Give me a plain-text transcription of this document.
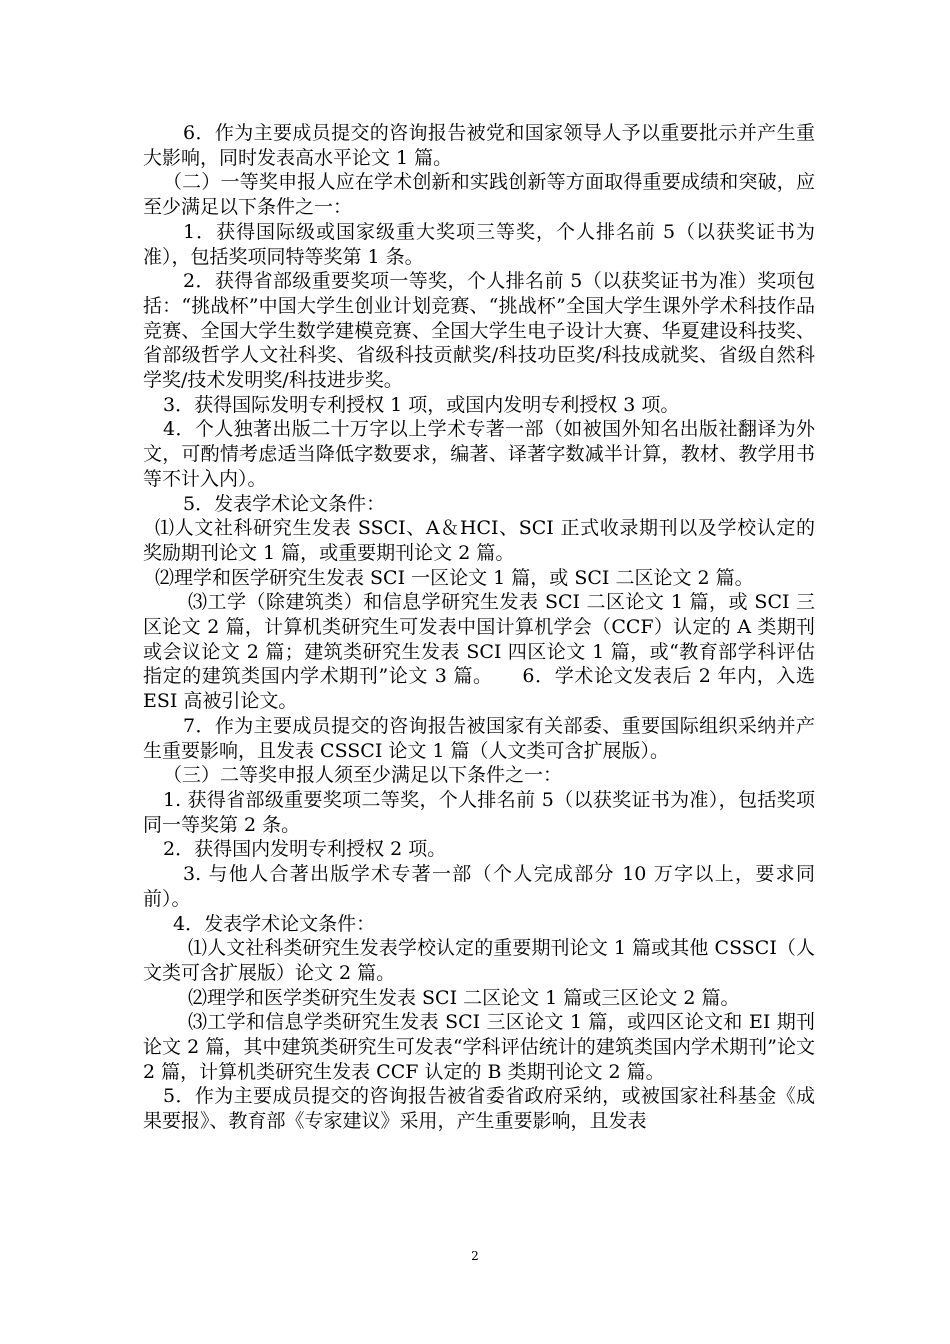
6．作为主要成员提交的咨询报告被党和国家领导人予以重要批示并产生重大影响，同时发表高水平论文 1 篇。

（二）一等奖申报人应在学术创新和实践创新等方面取得重要成绩和突破，应至少满足以下条件之一：

1．获得国际级或国家级重大奖项三等奖，个人排名前 5（以获奖证书为准），包括奖项同特等奖第 1 条。

2．获得省部级重要奖项一等奖，个人排名前 5（以获奖证书为准）奖项包括：“挑战杯”中国大学生创业计划竞赛、“挑战杯”全国大学生课外学术科技作品竞赛、全国大学生数学建模竞赛、全国大学生电子设计大赛、华夏建设科技奖、省部级哲学人文社科奖、省级科技贡献奖/科技功臣奖/科技成就奖、省级自然科学奖/技术发明奖/科技进步奖。

3．获得国际发明专利授权 1 项，或国内发明专利授权 3 项。

4．个人独著出版二十万字以上学术专著一部（如被国外知名出版社翻译为外文，可酌情考虑适当降低字数要求，编著、译著字数减半计算，教材、教学用书等不计入内）。

5．发表学术论文条件：

⑴人文社科研究生发表 SSCI、A＆HCI、SCI 正式收录期刊以及学校认定的奖励期刊论文 1 篇，或重要期刊论文 2 篇。

⑵理学和医学研究生发表 SCI 一区论文 1 篇，或 SCI 二区论文 2 篇。

⑶工学（除建筑类）和信息学研究生发表 SCI 二区论文 1 篇，或 SCI 三区论文 2 篇，计算机类研究生可发表中国计算机学会（CCF）认定的 A 类期刊或会议论文 2 篇；建筑类研究生发表 SCI 四区论文 1 篇，或“教育部学科评估指定的建筑类国内学术期刊”论文 3 篇。　　6．学术论文发表后 2 年内，入选 ESI 高被引论文。

7．作为主要成员提交的咨询报告被国家有关部委、重要国际组织采纳并产生重要影响，且发表 CSSCI 论文 1 篇（人文类可含扩展版）。

（三）二等奖申报人须至少满足以下条件之一：

1. 获得省部级重要奖项二等奖，个人排名前 5（以获奖证书为准），包括奖项同一等奖第 2 条。

2．获得国内发明专利授权 2 项。

3. 与他人合著出版学术专著一部（个人完成部分 10 万字以上，要求同前）。

4．发表学术论文条件：

⑴人文社科类研究生发表学校认定的重要期刊论文 1 篇或其他 CSSCI（人文类可含扩展版）论文 2 篇。

⑵理学和医学类研究生发表 SCI 二区论文 1 篇或三区论文 2 篇。

⑶工学和信息学类研究生发表 SCI 三区论文 1 篇，或四区论文和 EI 期刊论文 2 篇，其中建筑类研究生可发表“学科评估统计的建筑类国内学术期刊”论文 2 篇，计算机类研究生发表 CCF 认定的 B 类期刊论文 2 篇。

5．作为主要成员提交的咨询报告被省委省政府采纳，或被国家社科基金《成果要报》、教育部《专家建议》采用，产生重要影响，且发表

2
